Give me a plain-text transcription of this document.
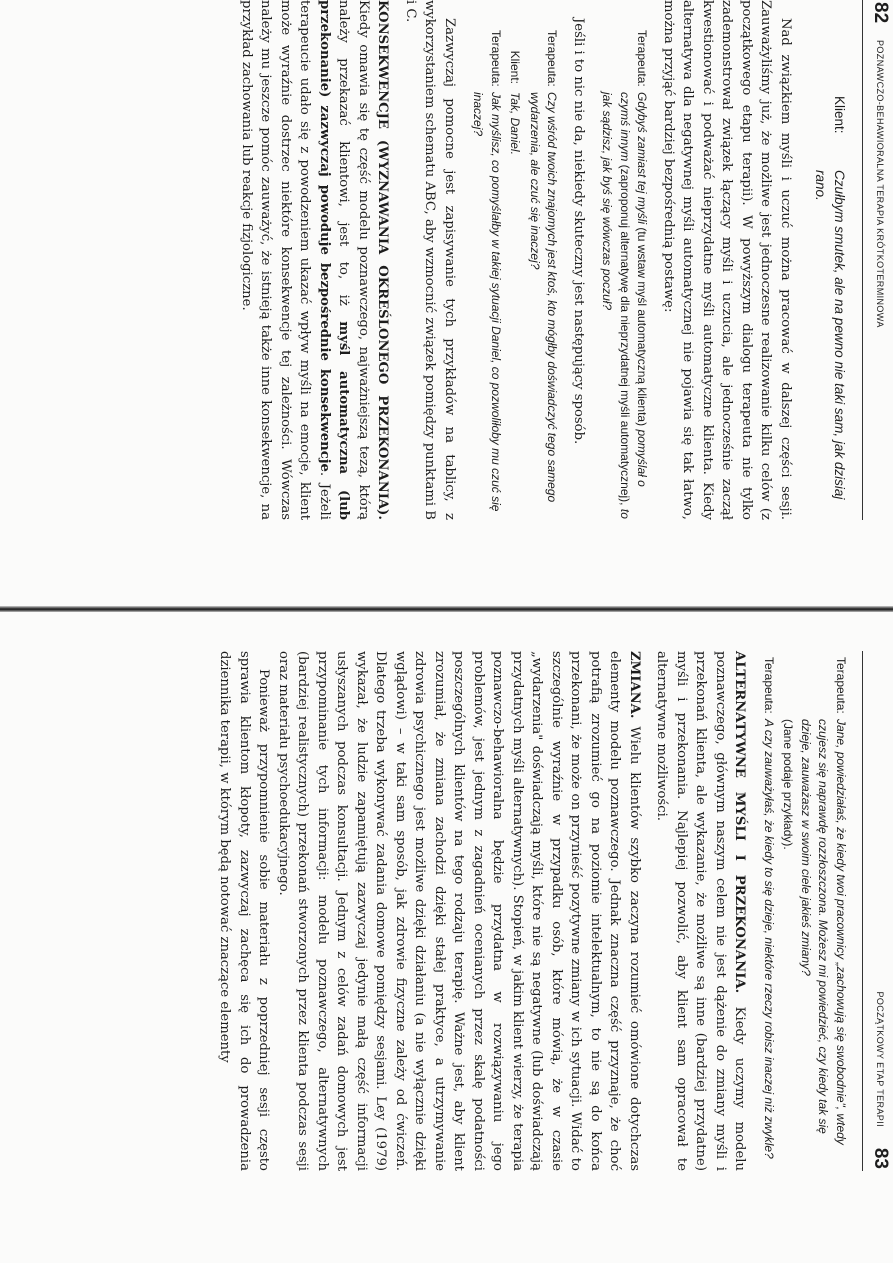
82
POZNAWCZO-BEHAWIORALNA TERAPIA KRÓTKOTERMINOWA
Klient:
Czułbym smutek, ale na pewno nie taki sam, jak dzisiaj rano.

Nad związkiem myśli i uczuć można pracować w dalszej części sesji. Zauważyliśmy już, że możliwe jest jednoczesne realizowanie kilku celów (z początkowego etapu terapii). W powyższym dialogu terapeuta nie tylko zademonstrował związek łączący myśli i uczucia, ale jednocześnie zaczął kwestionować i podważać nieprzydatne myśli automatyczne klienta. Kiedy alternatywa dla negatywnej myśli automatycznej nie pojawia się tak łatwo, można przyjąć bardziej bezpośrednią postawę:

Terapeuta:
Gdybyś zamiast tej myśli (tu wstaw myśl automatyczną klienta) pomyślał o czymś innym (zaproponuj alternatywę dla nieprzydatnej myśli automatycznej), to jak sądzisz, jak byś się wówczas poczuł?

Jeśli i to nic nie da, niekiedy skuteczny jest następujący sposób.

Terapeuta:
Czy wśród twoich znajomych jest ktoś, kto mógłby doświadczyć tego samego wydarzenia, ale czuć się inaczej?
Klient:
Tak, Daniel.
Terapeuta:
Jak myślisz, co pomyślałby w takiej sytuacji Daniel, co pozwoliłoby mu czuć się inaczej?

Zazwyczaj pomocne jest zapisywanie tych przykładów na tablicy, z wykorzystaniem schematu ABC, aby wzmocnić związek pomiędzy punktami B i C.

KONSEKWENCJE (WYZNAWANIA OKREŚLONEGO PRZEKONANIA). Kiedy omawia się tę część modelu poznawczego, najważniejszą tezą, którą należy przekazać klientowi, jest to, iż myśl automatyczna (lub przekonanie) zazwyczaj powoduje bezpośrednie konsekwencje. Jeżeli terapeucie udało się z powodzeniem ukazać wpływ myśli na emocje, klient może wyraźnie dostrzec niektóre konsekwencje tej zależności. Wówczas należy mu jeszcze pomóc zauważyć, że istnieją także inne konsekwencje, na przykład zachowania lub reakcje fizjologiczne.

POCZĄTKOWY ETAP TERAPII
83
Terapeuta:
Jane, powiedziałaś, że kiedy twoi pracownicy „zachowują się swobodnie", wtedy czujesz się naprawdę rozzłoszczona. Możesz mi powiedzieć, czy kiedy tak się dzieje, zauważasz w swoim ciele jakieś zmiany?
(Jane podaje przykłady).
Terapeuta:
A czy zauważyłaś, że kiedy to się dzieje, niektóre rzeczy robisz inaczej niż zwykle?

ALTERNATYWNE MYŚLI I PRZEKONANIA. Kiedy uczymy modelu poznawczego, głównym naszym celem nie jest dążenie do zmiany myśli i przekonań klienta, ale wykazanie, że możliwe są inne (bardziej przydatne) myśli i przekonania. Najlepiej pozwolić, aby klient sam opracował te alternatywne możliwości.

ZMIANA. Wielu klientów szybko zaczyna rozumieć omówione dotychczas elementy modelu poznawczego. Jednak znaczna część przyznaje, że choć potrafią zrozumieć go na poziomie intelektualnym, to nie są do końca przekonani, że może on przynieść pozytywne zmiany w ich sytuacji. Widać to szczególnie wyraźnie w przypadku osób, które mówią, że w czasie „wydarzenia" doświadczają myśli, które nie są negatywne (lub doświadczają przydatnych myśli alternatywnych). Stopień, w jakim klient wierzy, że terapia poznawczo-behawioralna będzie przydatna w rozwiązywaniu jego problemów, jest jednym z zagadnień ocenianych przez skalę podatności poszczególnych klientów na tego rodzaju terapię. Ważne jest, aby klient zrozumiał, że zmiana zachodzi dzięki stałej praktyce, a utrzymywanie zdrowia psychicznego jest możliwe dzięki działaniu (a nie wyłącznie dzięki wglądowi) – w taki sam sposób, jak zdrowie fizyczne zależy od ćwiczeń. Dlatego trzeba wykonywać zadania domowe pomiędzy sesjami. Ley (1979) wykazał, że ludzie zapamiętują zazwyczaj jedynie małą część informacji usłyszanych podczas konsultacji. Jednym z celów zadań domowych jest przypominanie tych informacji: modelu poznawczego, alternatywnych (bardziej realistycznych) przekonań stworzonych przez klienta podczas sesji oraz materiału psychoedukacyjnego.

Ponieważ przypomnienie sobie materiału z poprzedniej sesji często sprawia klientom kłopoty, zazwyczaj zachęca się ich do prowadzenia dziennika terapii, w którym będą notować znaczące elementy
